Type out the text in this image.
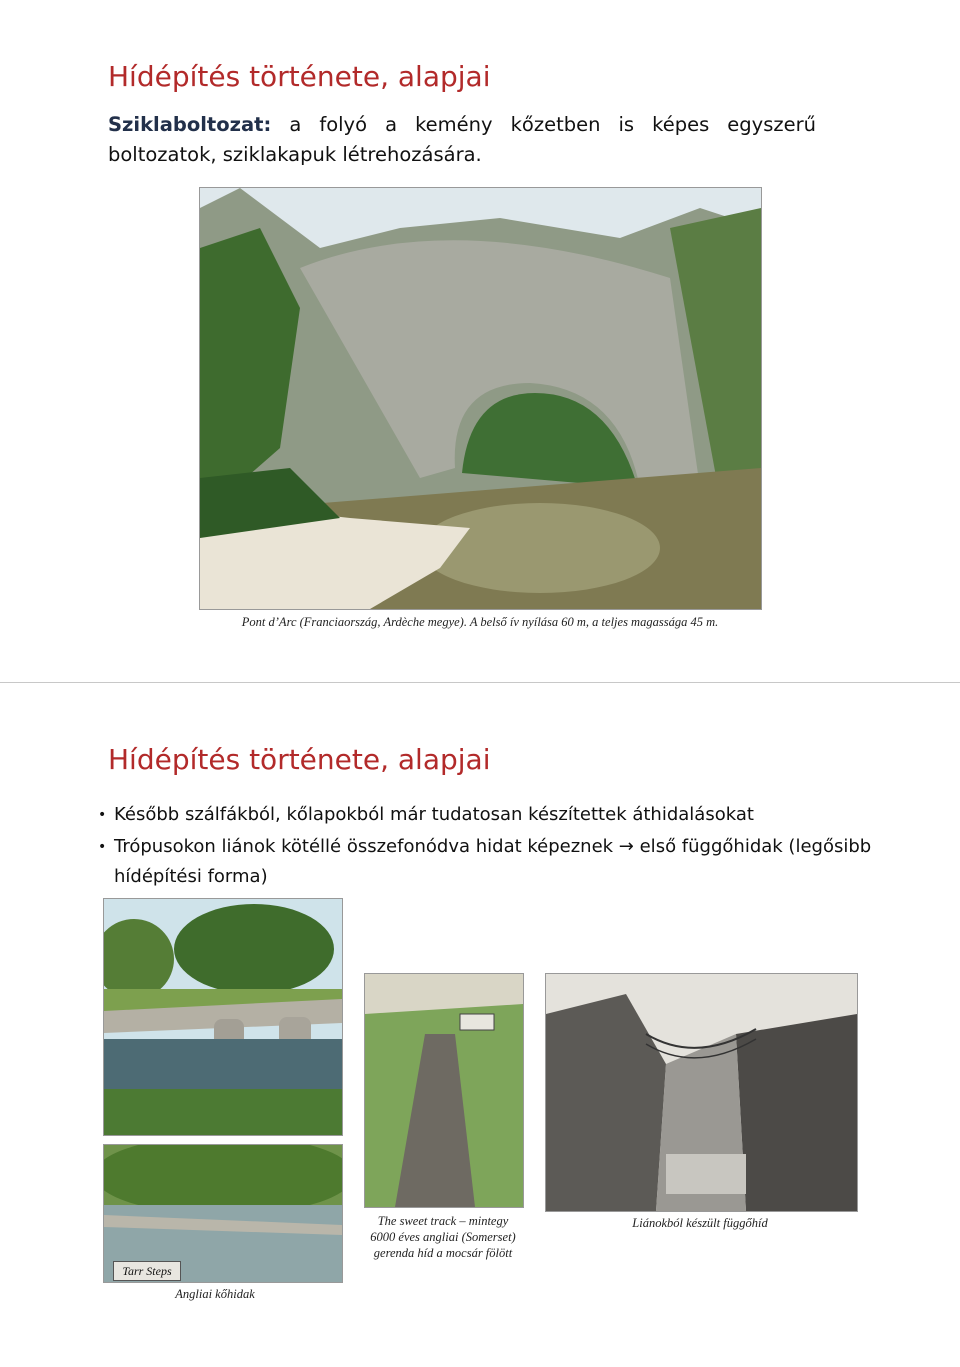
Hídépítés története, alapjai

Sziklaboltozat: a folyó a kemény kőzetben is képes egyszerű boltozatok, sziklakapuk létrehozására.

Pont d’Arc (Franciaország, Ardèche megye). A belső ív nyílása 60 m, a teljes magassága 45 m.

Hídépítés története, alapjai
• Később szálfákból, kőlapokból már tudatosan készítettek áthidalásokat
• Trópusokon liánok kötéllé összefonódva hidat képeznek → első függőhidak (legősibb hídépítési forma)

Tarr Steps

Angliai kőhidak

The sweet track – mintegy
6000 éves angliai (Somerset)
gerenda híd a mocsár fölött

Liánokból készült függőhíd
